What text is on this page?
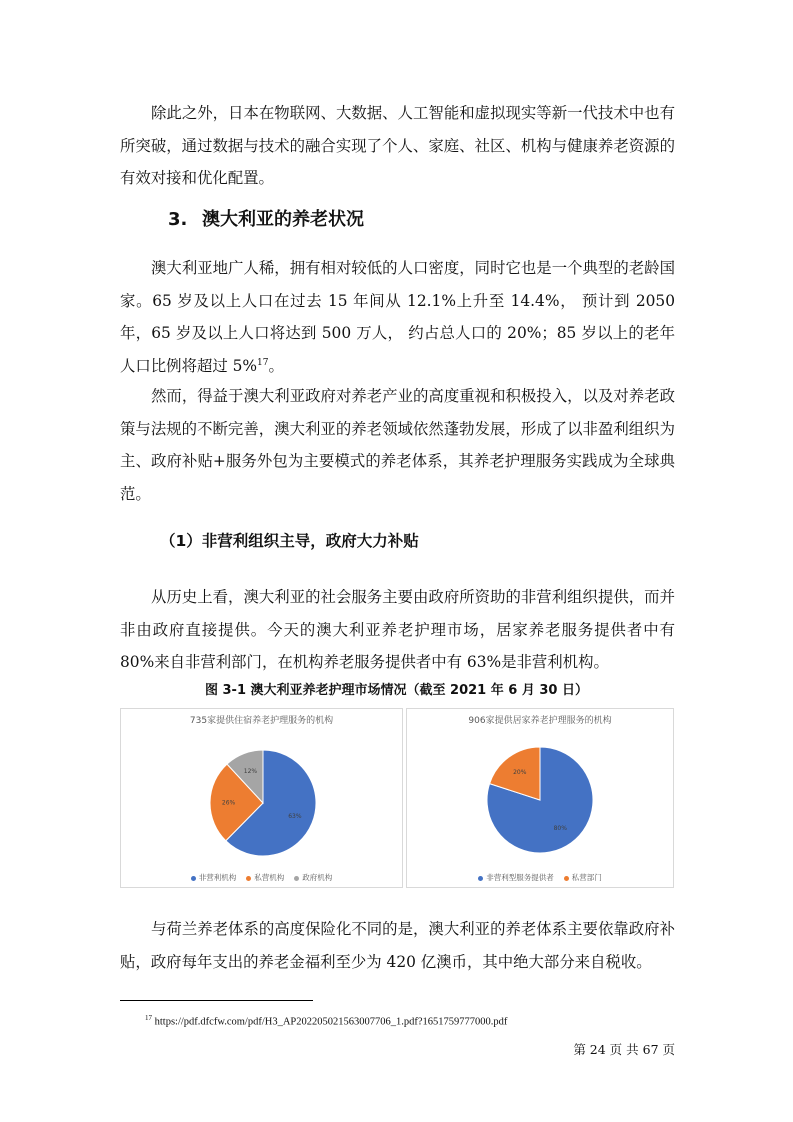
除此之外，日本在物联网、大数据、人工智能和虚拟现实等新一代技术中也有所突破，通过数据与技术的融合实现了个人、家庭、社区、机构与健康养老资源的有效对接和优化配置。

3. 澳大利亚的养老状况

澳大利亚地广人稀，拥有相对较低的人口密度，同时它也是一个典型的老龄国家。65 岁及以上人口在过去 15 年间从 12.1%上升至 14.4%， 预计到 2050 年，65 岁及以上人口将达到 500 万人， 约占总人口的 20%；85 岁以上的老年人口比例将超过 5%$^{17}$。

然而，得益于澳大利亚政府对养老产业的高度重视和积极投入，以及对养老政策与法规的不断完善，澳大利亚的养老领域依然蓬勃发展，形成了以非盈利组织为主、政府补贴+服务外包为主要模式的养老体系，其养老护理服务实践成为全球典范。

（1）非营利组织主导，政府大力补贴

从历史上看，澳大利亚的社会服务主要由政府所资助的非营利组织提供，而并非由政府直接提供。今天的澳大利亚养老护理市场，居家养老服务提供者中有 80%来自非营利部门，在机构养老服务提供者中有 63%是非营利机构。

图 3-1 澳大利亚养老护理市场情况（截至 2021 年 6 月 30 日）
735家提供住宿养老护理服务的机构
63%
26%
12%
非营利机构 私营机构 政府机构
906家提供居家养老护理服务的机构
80%
20%
非营利型服务提供者 私营部门

与荷兰养老体系的高度保险化不同的是，澳大利亚的养老体系主要依靠政府补贴，政府每年支出的养老金福利至少为 420 亿澳币，其中绝大部分来自税收。

$^{17}$ https://pdf.dfcfw.com/pdf/H3_AP202205021563007706_1.pdf?1651759777000.pdf
第 24 页 共 67 页
